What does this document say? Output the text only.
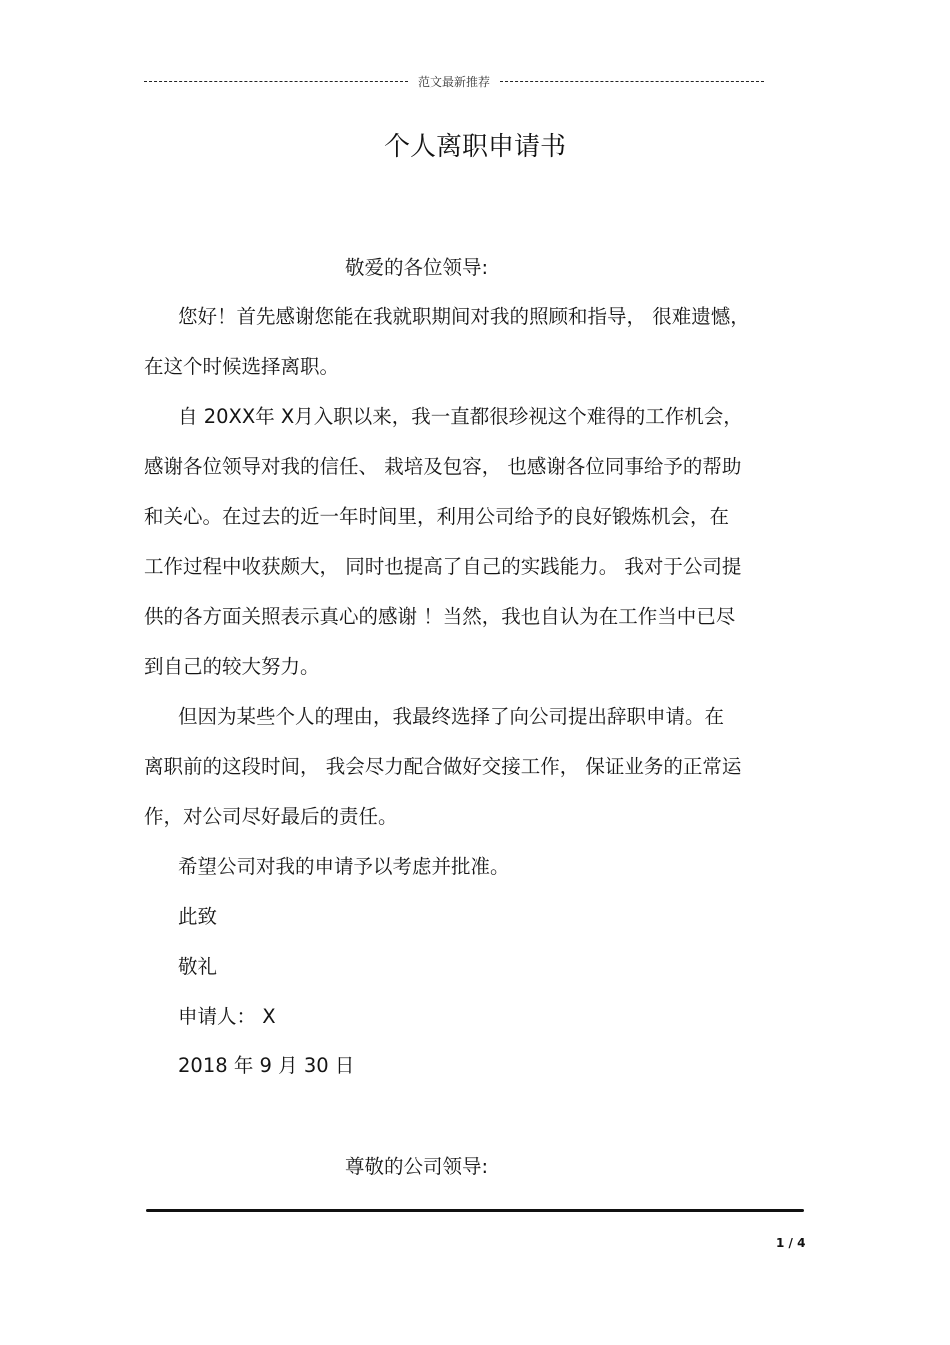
范文最新推荐
个人离职申请书
敬爱的各位领导:
您好！首先感谢您能在我就职期间对我的照顾和指导， 很难遗憾，
在这个时候选择离职。
自 20XX年 X月入职以来，我一直都很珍视这个难得的工作机会，
感谢各位领导对我的信任、 栽培及包容， 也感谢各位同事给予的帮助
和关心。在过去的近一年时间里，利用公司给予的良好锻炼机会，在
工作过程中收获颇大， 同时也提高了自己的实践能力。 我对于公司提
供的各方面关照表示真心的感谢 ！当然，我也自认为在工作当中已尽
到自己的较大努力。
但因为某些个人的理由，我最终选择了向公司提出辞职申请。在
离职前的这段时间， 我会尽力配合做好交接工作， 保证业务的正常运
作，对公司尽好最后的责任。
希望公司对我的申请予以考虑并批准。
此致
敬礼
申请人： X
2018 年 9 月 30 日
尊敬的公司领导:
1 / 4
